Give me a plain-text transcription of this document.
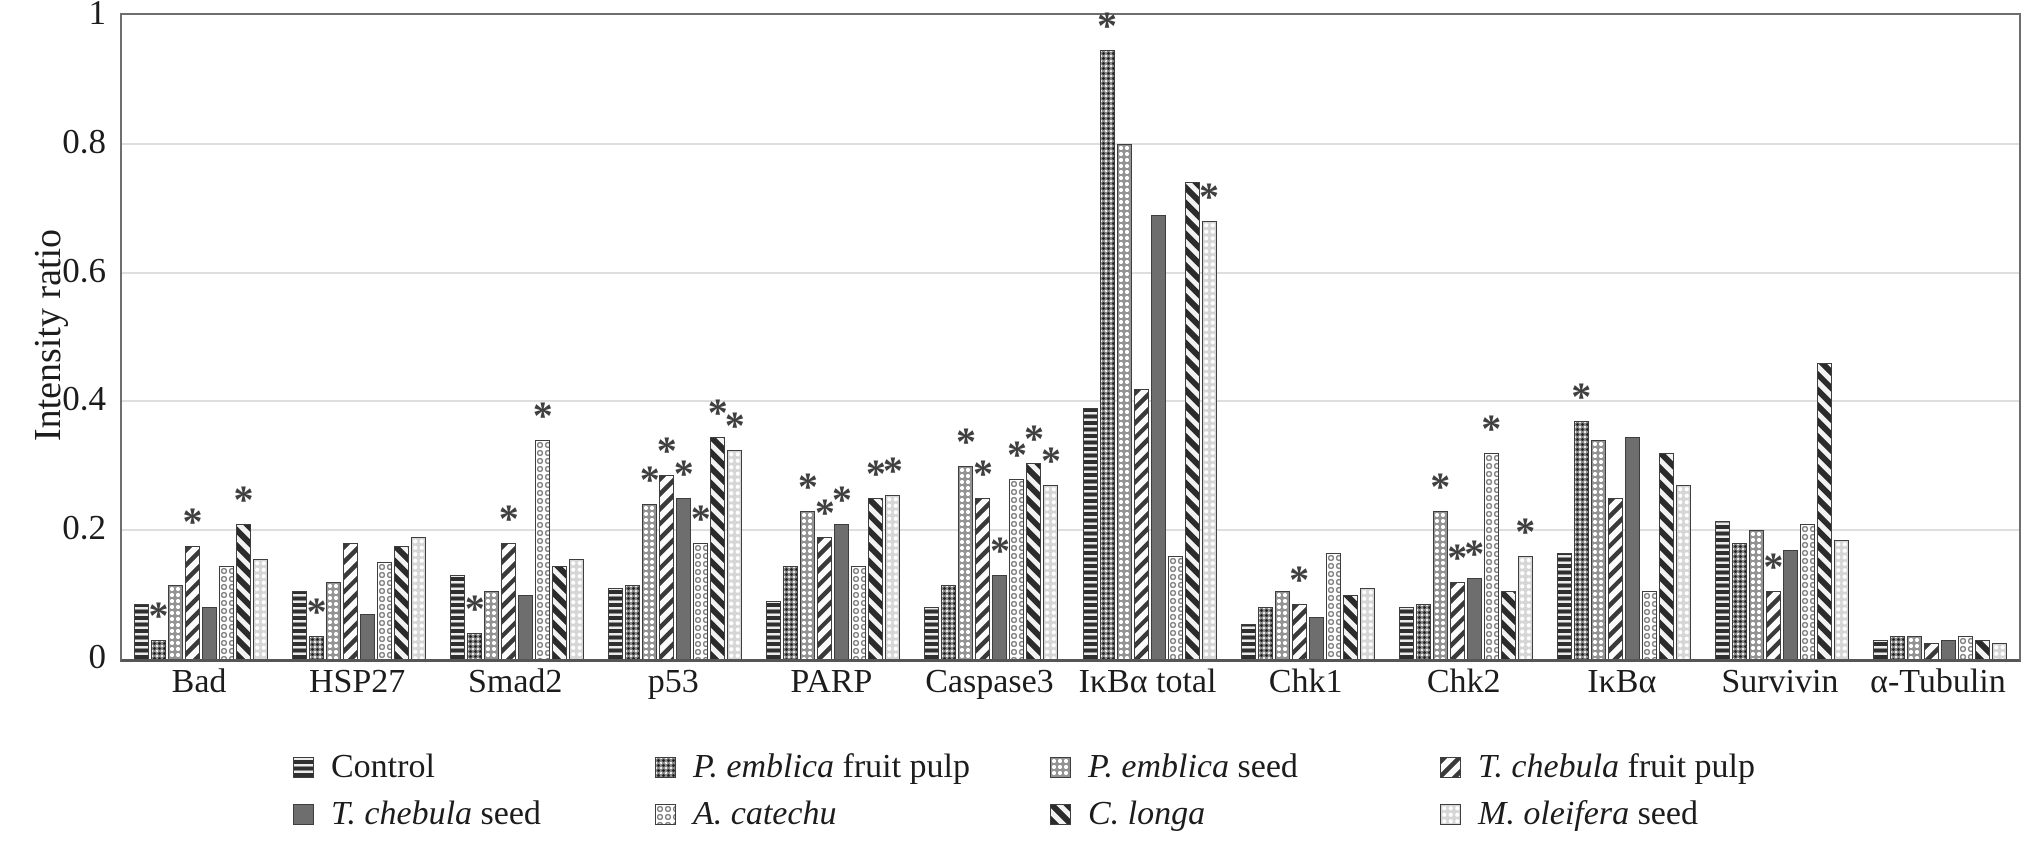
Intensity ratio
*
* *
*	*
*
*
*
*
*
*
*
*
*
*
*
*
*
*
*
*
*
*
*
*
*
*
*
*
*
*
*
*
*
0
0.2
0.4
0.6
0.8
1
Bad HSP27 Smad2	p53	PARP Caspase3 IκBα total Chk1 Chk2	IκBα Survivin α-Tubulin
Control	P. emblica fruit pulp	P. emblica seed	T. chebula fruit pulp
T. chebula seed	A. catechu	C. longa	M. oleifera seed
